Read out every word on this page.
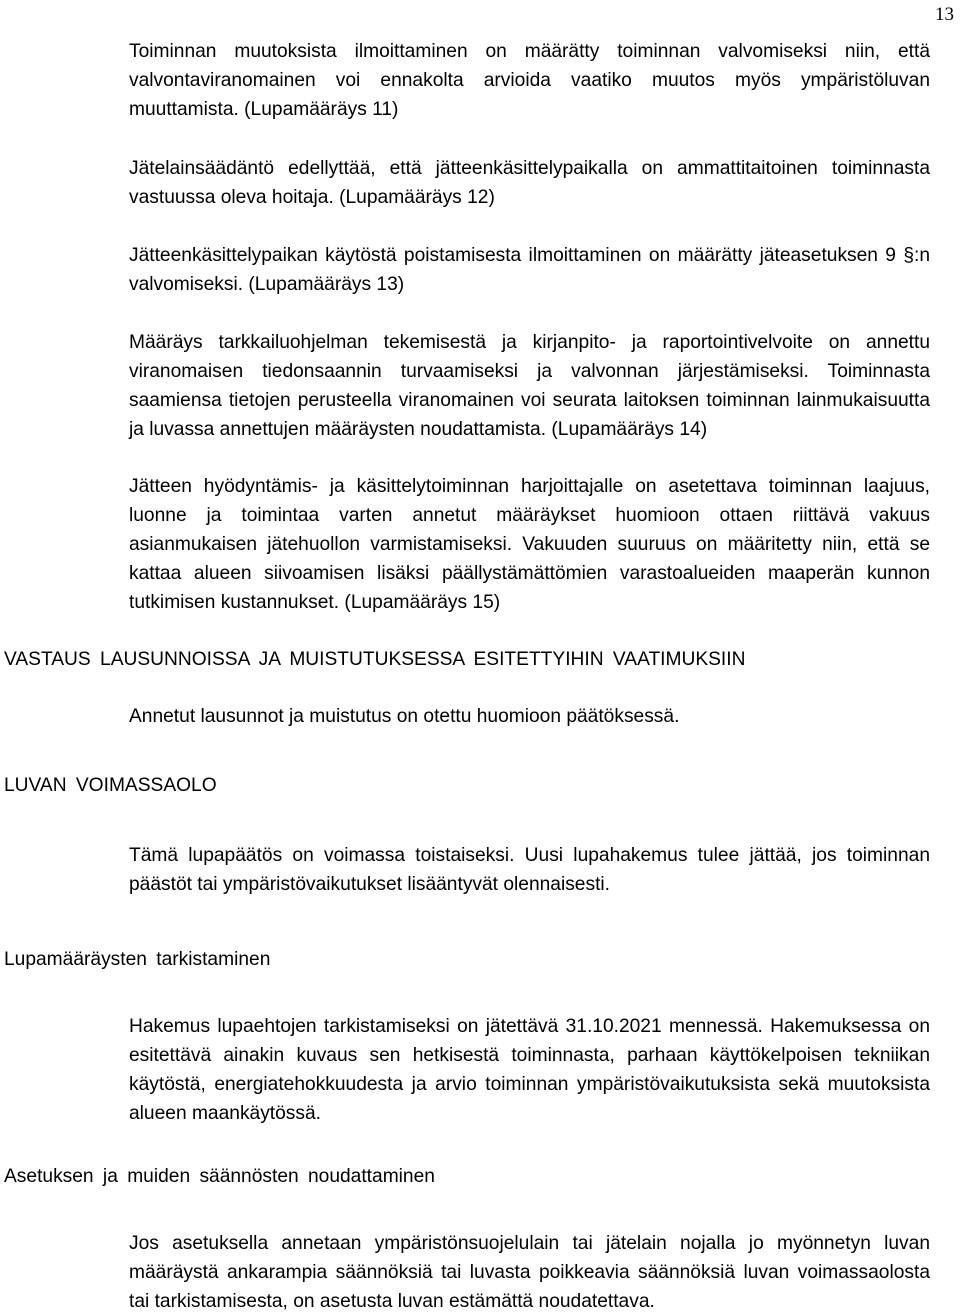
13

Toiminnan muutoksista ilmoittaminen on määrätty toiminnan valvomiseksi niin, että valvontaviranomainen voi ennakolta arvioida vaatiko muutos myös ympäristöluvan muuttamista. (Lupamääräys 11)

Jätelainsäädäntö edellyttää, että jätteenkäsittelypaikalla on ammattitaitoinen toiminnasta vastuussa oleva hoitaja. (Lupamääräys 12)

Jätteenkäsittelypaikan käytöstä poistamisesta ilmoittaminen on määrätty jäteasetuksen 9 §:n valvomiseksi. (Lupamääräys 13)

Määräys tarkkailuohjelman tekemisestä ja kirjanpito- ja raportointivelvoite on annettu viranomaisen tiedonsaannin turvaamiseksi ja valvonnan järjestämiseksi. Toiminnasta saamiensa tietojen perusteella viranomainen voi seurata laitoksen toiminnan lainmukaisuutta ja luvassa annettujen määräysten noudattamista. (Lupamääräys 14)

Jätteen hyödyntämis- ja käsittelytoiminnan harjoittajalle on asetettava toiminnan laajuus, luonne ja toimintaa varten annetut määräykset huomioon ottaen riittävä vakuus asianmukaisen jätehuollon varmistamiseksi. Vakuuden suuruus on määritetty niin, että se kattaa alueen siivoamisen lisäksi päällystämättömien varastoalueiden maaperän kunnon tutkimisen kustannukset. (Lupamääräys 15)

VASTAUS LAUSUNNOISSA JA MUISTUTUKSESSA ESITETTYIHIN VAATIMUKSIIN

Annetut lausunnot ja muistutus on otettu huomioon päätöksessä.

LUVAN VOIMASSAOLO

Tämä lupapäätös on voimassa toistaiseksi. Uusi lupahakemus tulee jättää, jos toiminnan päästöt tai ympäristövaikutukset lisääntyvät olennaisesti.

Lupamääräysten tarkistaminen

Hakemus lupaehtojen tarkistamiseksi on jätettävä 31.10.2021 mennessä. Hakemuksessa on esitettävä ainakin kuvaus sen hetkisestä toiminnasta, parhaan käyttökelpoisen tekniikan käytöstä, energiatehokkuudesta ja arvio toiminnan ympäristövaikutuksista sekä muutoksista alueen maankäytössä.

Asetuksen ja muiden säännösten noudattaminen

Jos asetuksella annetaan ympäristönsuojelulain tai jätelain nojalla jo myönnetyn luvan määräystä ankarampia säännöksiä tai luvasta poikkeavia säännöksiä luvan voimassaolosta tai tarkistamisesta, on asetusta luvan estämättä noudatettava.
